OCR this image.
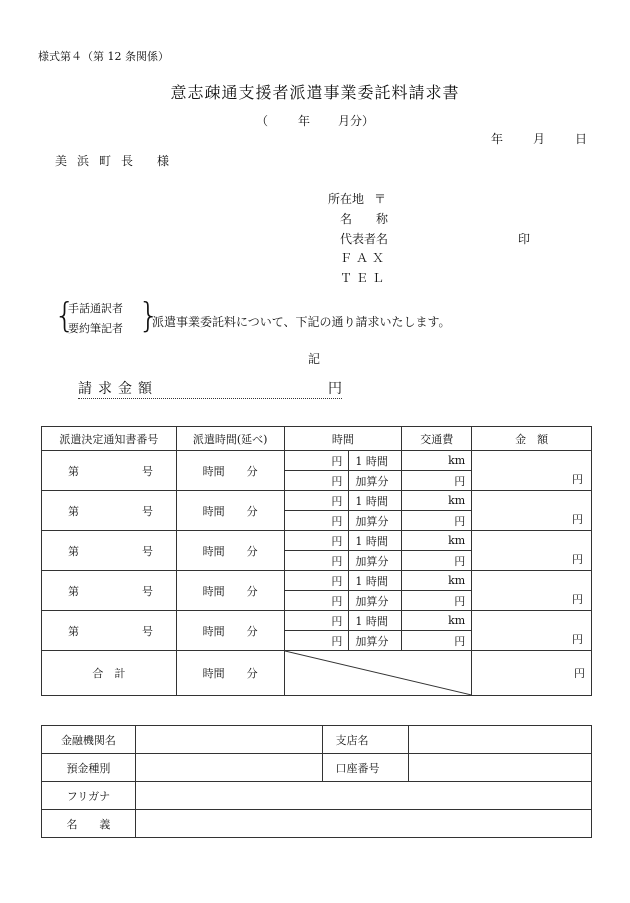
様式第４（第 12 条関係）
意志疎通支援者派遣事業委託料請求書
（	年 月分）
年	月	日
美浜町長 様
所在地 〒
名　　称
代表者名	印
ＦＡＸ
ＴＥＬ
{
手話通訳者
要約筆記者 }
派遣事業委託料について、下記の通り請求いたします。
記
請求金額	円
派遣決定通知書番号	派遣時間(延べ)	時間		交通費	金　額

第 号	時間　　分	円	1 時間	km	円
		円	加算分	円	

第 号	時間　　分	円	1 時間	km	円
		円	加算分	円	

第 号	時間　　分	円	1 時間	km	円
		円	加算分	円	

第 号	時間　　分	円	1 時間	km	円
		円	加算分	円	

第 号	時間　　分	円	1 時間	km	円
		円	加算分	円	
合　計	時間　　分				円
金融機関名		支店名	
預金種別		口座番号	
フリガナ			
名　　義			
